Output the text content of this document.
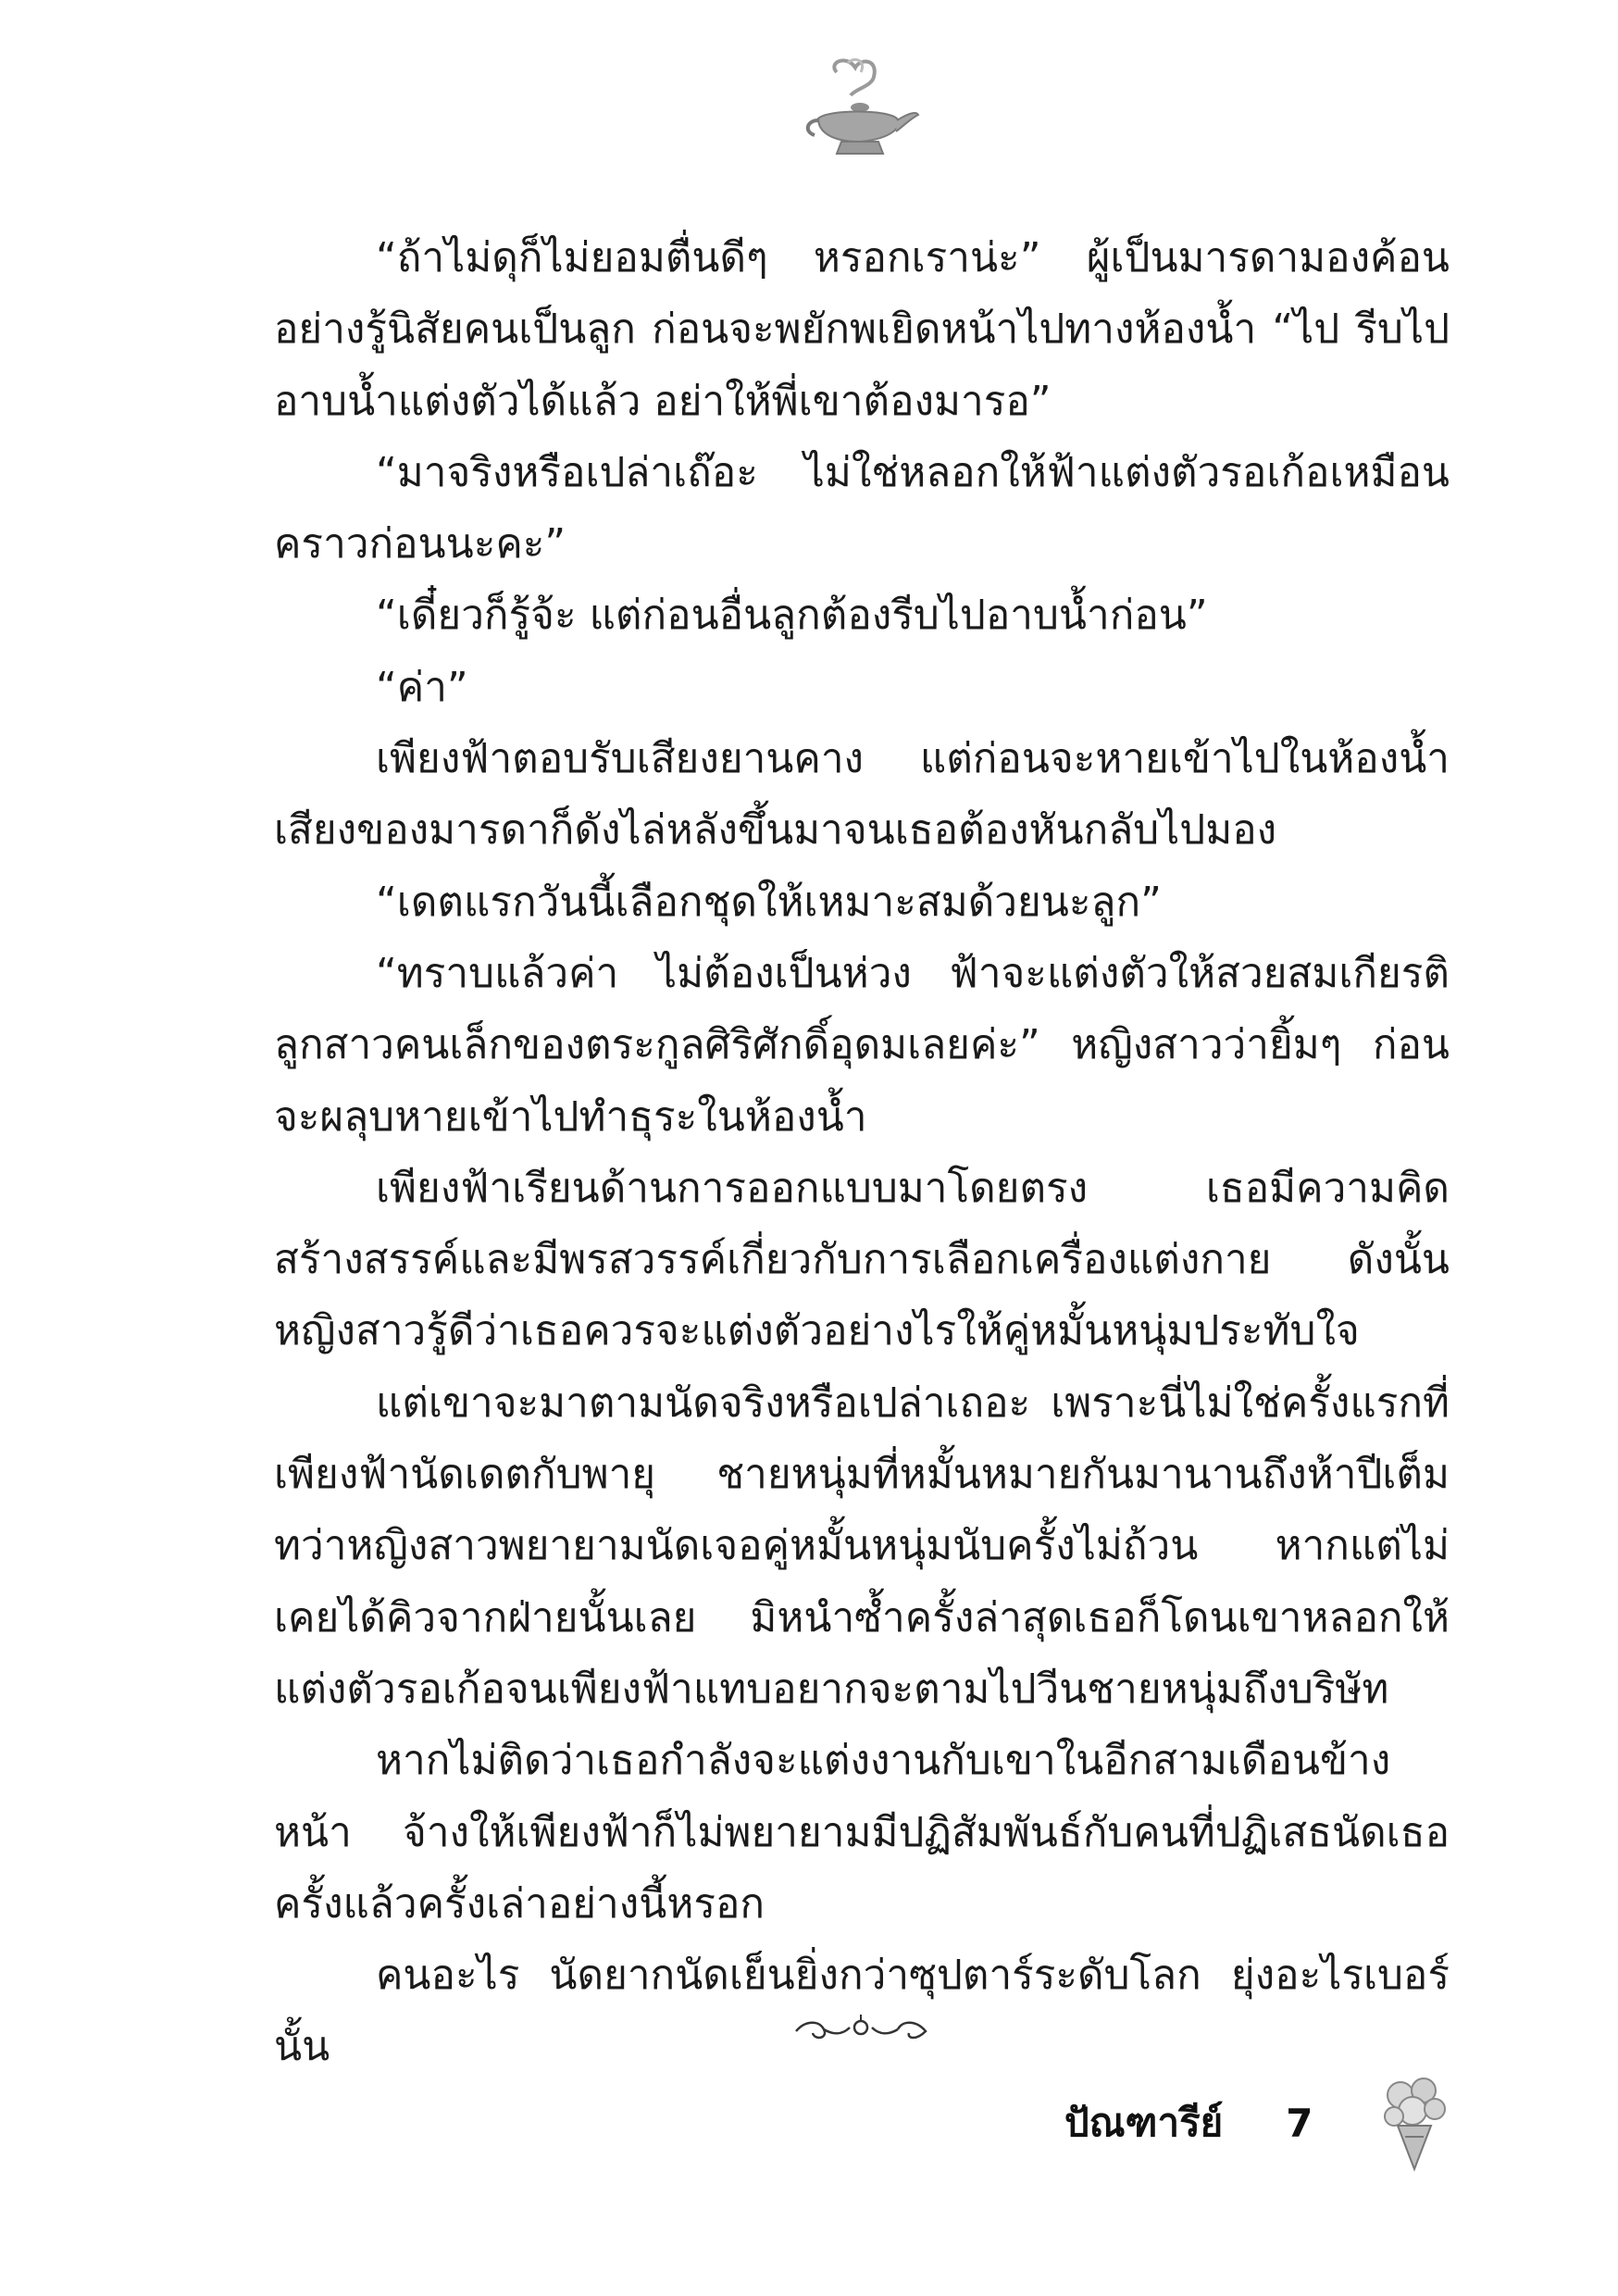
“ถ้าไม่ดุก็ไม่ยอมตื่นดีๆ หรอกเราน่ะ” ผู้เป็นมารดามองค้อนอย่างรู้นิสัยคนเป็นลูก ก่อนจะพยักพเยิดหน้าไปทางห้องน้ำ “ไป รีบไปอาบน้ำแต่งตัวได้แล้ว อย่าให้พี่เขาต้องมารอ”

“มาจริงหรือเปล่าเถ๊อะ ไม่ใช่หลอกให้ฟ้าแต่งตัวรอเก้อเหมือนคราวก่อนนะคะ”

“เดี๋ยวก็รู้จ้ะ แต่ก่อนอื่นลูกต้องรีบไปอาบน้ำก่อน”

“ค่า”

เพียงฟ้าตอบรับเสียงยานคาง แต่ก่อนจะหายเข้าไปในห้องน้ำ เสียงของมารดาก็ดังไล่หลังขึ้นมาจนเธอต้องหันกลับไปมอง

“เดตแรกวันนี้เลือกชุดให้เหมาะสมด้วยนะลูก”

“ทราบแล้วค่า ไม่ต้องเป็นห่วง ฟ้าจะแต่งตัวให้สวยสมเกียรติลูกสาวคนเล็กของตระกูลศิริศักดิ์อุดมเลยค่ะ” หญิงสาวว่ายิ้มๆ ก่อนจะผลุบหายเข้าไปทำธุระในห้องน้ำ

เพียงฟ้าเรียนด้านการออกแบบมาโดยตรง เธอมีความคิดสร้างสรรค์และมีพรสวรรค์เกี่ยวกับการเลือกเครื่องแต่งกาย ดังนั้น หญิงสาวรู้ดีว่าเธอควรจะแต่งตัวอย่างไรให้คู่หมั้นหนุ่มประทับใจ

แต่เขาจะมาตามนัดจริงหรือเปล่าเถอะ เพราะนี่ไม่ใช่ครั้งแรกที่เพียงฟ้านัดเดตกับพายุ ชายหนุ่มที่หมั้นหมายกันมานานถึงห้าปีเต็ม ทว่าหญิงสาวพยายามนัดเจอคู่หมั้นหนุ่มนับครั้งไม่ถ้วน หากแต่ไม่เคยได้คิวจากฝ่ายนั้นเลย มิหนำซ้ำครั้งล่าสุดเธอก็โดนเขาหลอกให้แต่งตัวรอเก้อจนเพียงฟ้าแทบอยากจะตามไปวีนชายหนุ่มถึงบริษัท

หากไม่ติดว่าเธอกำลังจะแต่งงานกับเขาในอีกสามเดือนข้างหน้า จ้างให้เพียงฟ้าก็ไม่พยายามมีปฏิสัมพันธ์กับคนที่ปฏิเสธนัดเธอครั้งแล้วครั้งเล่าอย่างนี้หรอก

คนอะไร นัดยากนัดเย็นยิ่งกว่าซุปตาร์ระดับโลก ยุ่งอะไรเบอร์นั้น

ปัณฑารีย์ 7
